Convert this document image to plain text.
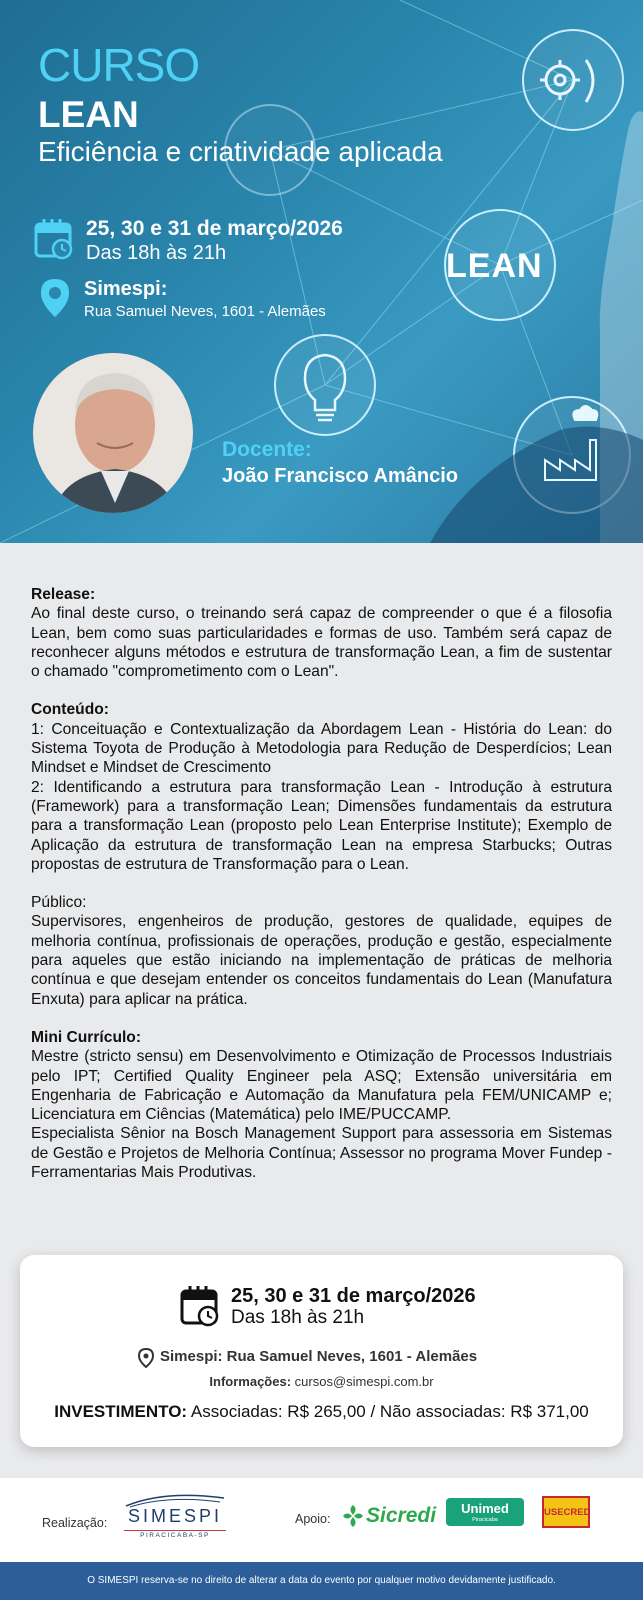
CURSO
LEAN
Eficiência e criatividade aplicada
25, 30 e 31 de março/2026
Das 18h às 21h
Simespi:
Rua Samuel Neves, 1601 - Alemães
LEAN
Docente:
João Francisco Amâncio

Release:

Ao final deste curso, o treinando será capaz de compreender o que é a filosofia Lean, bem como suas particularidades e formas de uso. Também será capaz de reconhecer alguns métodos e estrutura de transformação Lean, a fim de sustentar o chamado "comprometimento com o Lean".

Conteúdo:

1: Conceituação e Contextualização da Abordagem Lean - História do Lean: do Sistema Toyota de Produção à Metodologia para Redução de Desperdícios; Lean Mindset e Mindset de Crescimento

2: Identificando a estrutura para transformação Lean - Introdução à estrutura (Framework) para a transformação Lean; Dimensões fundamentais da estrutura para a transformação Lean (proposto pelo Lean Enterprise Institute); Exemplo de Aplicação da estrutura de transformação Lean na empresa Starbucks; Outras propostas de estrutura de Transformação para o Lean.

Público:

Supervisores, engenheiros de produção, gestores de qualidade, equipes de melhoria contínua, profissionais de operações, produção e gestão, especialmente para aqueles que estão iniciando na implementação de práticas de melhoria contínua e que desejam entender os conceitos fundamentais do Lean (Manufatura Enxuta) para aplicar na prática.

Mini Currículo:

Mestre (stricto sensu) em Desenvolvimento e Otimização de Processos Industriais pelo IPT; Certified Quality Engineer pela ASQ; Extensão universitária em Engenharia de Fabricação e Automação da Manufatura pela FEM/UNICAMP e; Licenciatura em Ciências (Matemática) pelo IME/PUCCAMP.

Especialista Sênior na Bosch Management Support para assessoria em Sistemas de Gestão e Projetos de Melhoria Contínua; Assessor no programa Mover Fundep - Ferramentarias Mais Produtivas.

25, 30 e 31 de março/2026
Das 18h às 21h
Simespi: Rua Samuel Neves, 1601 - Alemães
Informações: cursos@simespi.com.br
INVESTIMENTO: Associadas: R$ 265,00 / Não associadas: R$ 371,00
Realização: SIMESPI
PIRACICABA-SP
Apoio: Sicredi	Unimed
Piracicaba
USECRED
O SIMESPI reserva-se no direito de alterar a data do evento por qualquer motivo devidamente justificado.
